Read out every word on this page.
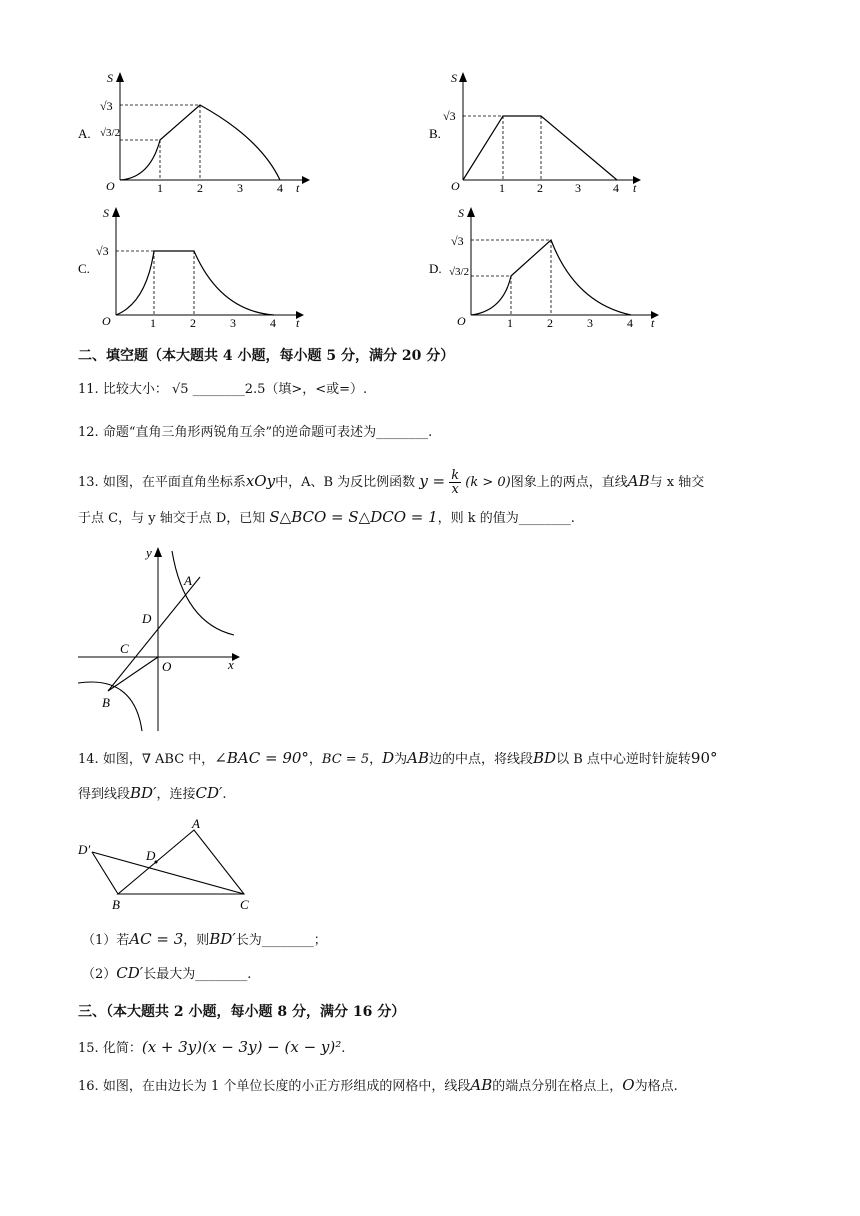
A.
S
t
O
√3
√3/2
1	2	3	4
B.
S
t
O
√3
1	2	3	4
C.
S
t
O
√3
1	2	3	4
D.
S
t
O
√3
√3/2
1	2	3	4
二、填空题（本大题共 4 小题，每小题 5 分，满分 20 分）
11. 比较大小： √5 ________2.5（填>，<或=）.
12. 命题“直角三角形两锐角互余”的逆命题可表述为________.
13. 如图，在平面直角坐标系xOy中，A、B 为反比例函数 $y = \frac{k}{x} (k > 0)$图象上的两点，直线AB与 x 轴交
于点 C，与 y 轴交于点 D，已知 S△BCO = S△DCO = 1，则 k 的值为________.
y
x
O
A
B
C
D
14. 如图，∇ ABC 中，∠BAC = 90°，BC = 5，D为AB边的中点，将线段BD以 B 点中心逆时针旋转90°
得到线段BD′，连接CD′.
A
B	C
D
D′
（1）若AC = 3，则BD′长为________；
（2）CD′长最大为________.
三、（本大题共 2 小题，每小题 8 分，满分 16 分）
15. 化简：(x + 3y)(x − 3y) − (x − y)².
16. 如图，在由边长为 1 个单位长度的小正方形组成的网格中，线段AB的端点分别在格点上，O为格点.
